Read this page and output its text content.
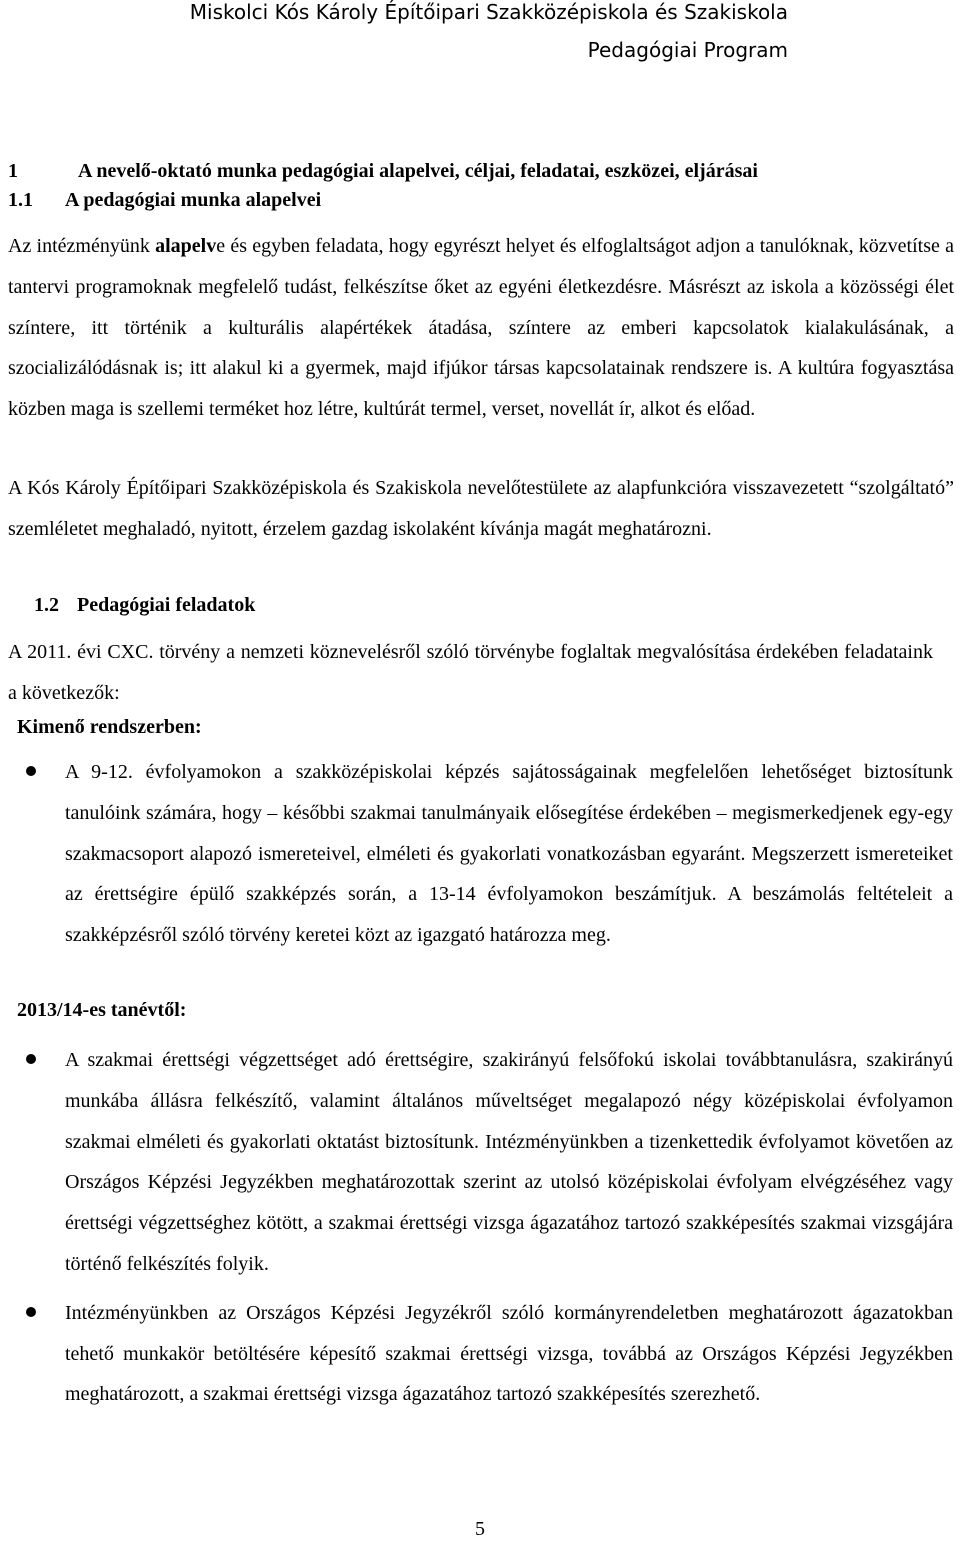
Miskolci Kós Károly Építőipari Szakközépiskola és Szakiskola
Pedagógiai Program
1	A nevelő-oktató munka pedagógiai alapelvei, céljai, feladatai, eszközei, eljárásai
1.1 A pedagógiai munka alapelvei

Az intézményünk alapelve és egyben feladata, hogy egyrészt helyet és elfoglaltságot adjon a tanulóknak, közvetítse a tantervi programoknak megfelelő tudást, felkészítse őket az egyéni életkezdésre. Másrészt az iskola a közösségi élet színtere, itt történik a kulturális alapértékek átadása, színtere az emberi kapcsolatok kialakulásának, a szocializálódásnak is; itt alakul ki a gyermek, majd ifjúkor társas kapcsolatainak rendszere is. A kultúra fogyasztása közben maga is szellemi terméket hoz létre, kultúrát termel, verset, novellát ír, alkot és előad.

A Kós Károly Építőipari Szakközépiskola és Szakiskola nevelőtestülete az alapfunkcióra visszavezetett “szolgáltató” szemléletet meghaladó, nyitott, érzelem gazdag iskolaként kívánja magát meghatározni.

1.2 Pedagógiai feladatok

A 2011. évi CXC. törvény a nemzeti köznevelésről szóló törvénybe foglaltak megvalósítása érdekében feladataink a következők:

Kimenő rendszerben:
A 9-12. évfolyamokon a szakközépiskolai képzés sajátosságainak megfelelően lehetőséget biztosítunk tanulóink számára, hogy – későbbi szakmai tanulmányaik elősegítése érdekében – megismerkedjenek egy-egy szakmacsoport alapozó ismereteivel, elméleti és gyakorlati vonatkozásban egyaránt. Megszerzett ismereteiket az érettségire épülő szakképzés során, a 13-14 évfolyamokon beszámítjuk. A beszámolás feltételeit a szakképzésről szóló törvény keretei közt az igazgató határozza meg.
2013/14-es tanévtől:
A szakmai érettségi végzettséget adó érettségire, szakirányú felsőfokú iskolai továbbtanulásra, szakirányú munkába állásra felkészítő, valamint általános műveltséget megalapozó négy középiskolai évfolyamon szakmai elméleti és gyakorlati oktatást biztosítunk. Intézményünkben a tizenkettedik évfolyamot követően az Országos Képzési Jegyzékben meghatározottak szerint az utolsó középiskolai évfolyam elvégzéséhez vagy érettségi végzettséghez kötött, a szakmai érettségi vizsga ágazatához tartozó szakképesítés szakmai vizsgájára történő felkészítés folyik.
Intézményünkben az Országos Képzési Jegyzékről szóló kormányrendeletben meghatározott ágazatokban tehető munkakör betöltésére képesítő szakmai érettségi vizsga, továbbá az Országos Képzési Jegyzékben meghatározott, a szakmai érettségi vizsga ágazatához tartozó szakképesítés szerezhető.
5
